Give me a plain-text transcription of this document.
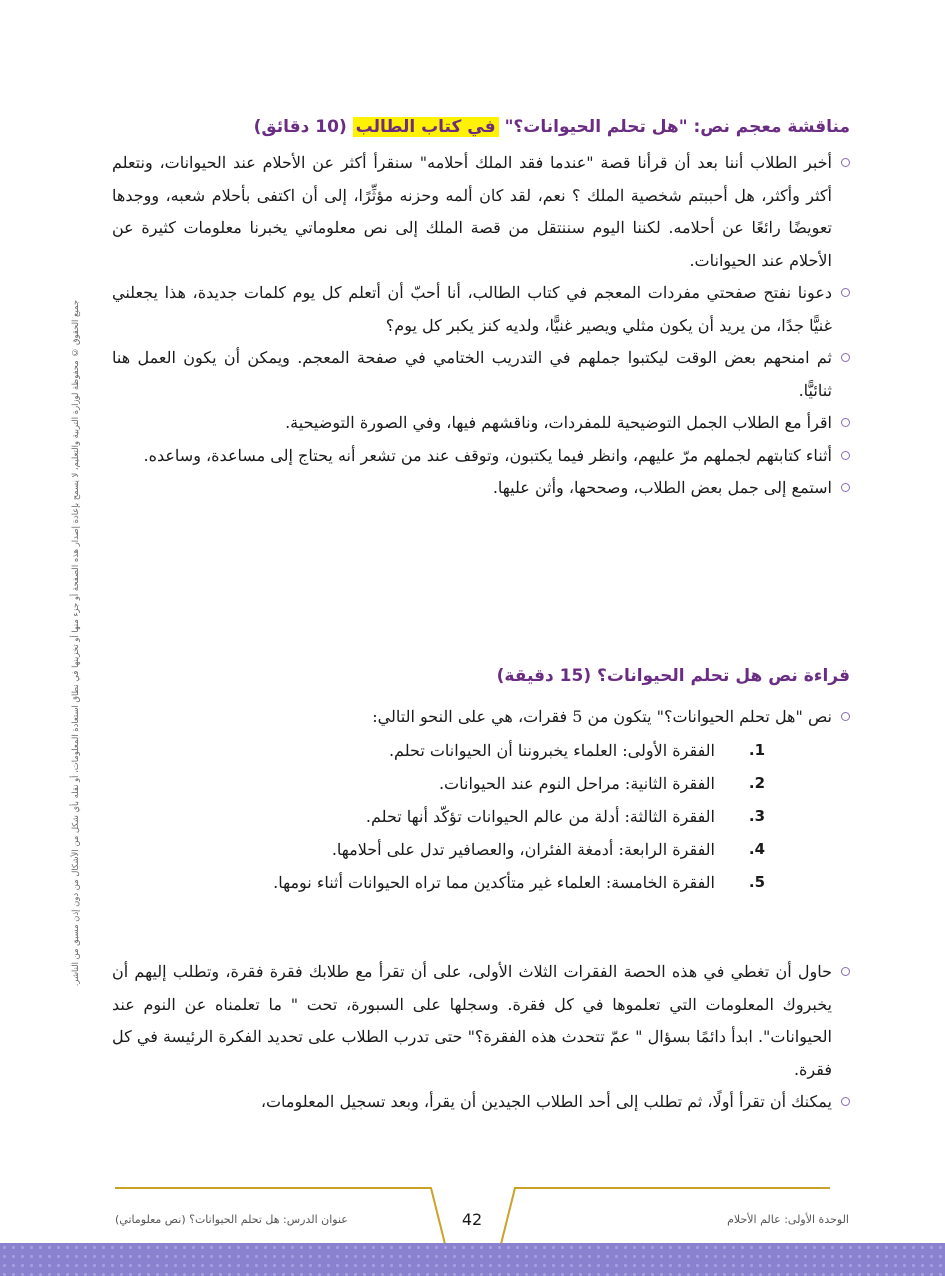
مناقشة معجم نص: "هل تحلم الحيوانات؟" في كتاب الطالب (10 دقائق)
أخبر الطلاب أننا بعد أن قرأنا قصة "عندما فقد الملك أحلامه" سنقرأ أكثر عن الأحلام عند الحيوانات، ونتعلم أكثر وأكثر، هل أحببتم شخصية الملك ؟ نعم، لقد كان ألمه وحزنه مؤثِّرًا، إلى أن اكتفى بأحلام شعبه، ووجدها تعويضًا رائعًا عن أحلامه. لكننا اليوم سننتقل من قصة الملك إلى نص معلوماتي يخبرنا معلومات كثيرة عن الأحلام عند الحيوانات.
دعونا نفتح صفحتي مفردات المعجم في كتاب الطالب، أنا أحبّ أن أتعلم كل يوم كلمات جديدة، هذا يجعلني غنيًّا جدًا، من يريد أن يكون مثلي ويصير غنيًّا، ولديه كنز يكبر كل يوم؟
ثم امنحهم بعض الوقت ليكتبوا جملهم في التدريب الختامي في صفحة المعجم. ويمكن أن يكون العمل هنا ثنائيًّا.
اقرأ مع الطلاب الجمل التوضيحية للمفردات، وناقشهم فيها، وفي الصورة التوضيحية.
أثناء كتابتهم لجملهم مرّ عليهم، وانظر فيما يكتبون، وتوقف عند من تشعر أنه يحتاج إلى مساعدة، وساعده.
استمع إلى جمل بعض الطلاب، وصححها، وأثن عليها.
قراءة نص هل تحلم الحيوانات؟ (15 دقيقة)
نص "هل تحلم الحيوانات؟" يتكون من 5 فقرات، هي على النحو التالي:
1.
الفقرة الأولى: العلماء يخبروننا أن الحيوانات تحلم.
2.
الفقرة الثانية: مراحل النوم عند الحيوانات.
3.
الفقرة الثالثة: أدلة من عالم الحيوانات تؤكّد أنها تحلم.
4.
الفقرة الرابعة: أدمغة الفئران، والعصافير تدل على أحلامها.
5.
الفقرة الخامسة: العلماء غير متأكدين مما تراه الحيوانات أثناء نومها.
حاول أن تغطي في هذه الحصة الفقرات الثلاث الأولى، على أن تقرأ مع طلابك فقرة فقرة، وتطلب إليهم أن يخبروك المعلومات التي تعلموها في كل فقرة. وسجلها على السبورة، تحت " ما تعلمناه عن النوم عند الحيوانات". ابدأ دائمًا بسؤال " عمّ تتحدث هذه الفقرة؟" حتى تدرب الطلاب على تحديد الفكرة الرئيسة في كل فقرة.
يمكنك أن تقرأ أولًا، ثم تطلب إلى أحد الطلاب الجيدين أن يقرأ، وبعد تسجيل المعلومات،
جميع الحقوق © محفوظة لوزارة التربية والتعليم، لا يسمح بإعادة إصدار هذه الصفحة أو جزء منها أو تخزينها في نطاق استعادة المعلومات، أو نقله بأي شكل من الأشكال من دون إذن مسبق من الناشر.
42	الوحدة الأولى: عالم الأحلام
عنوان الدرس: هل تحلم الحيوانات؟ (نص معلوماتي)
